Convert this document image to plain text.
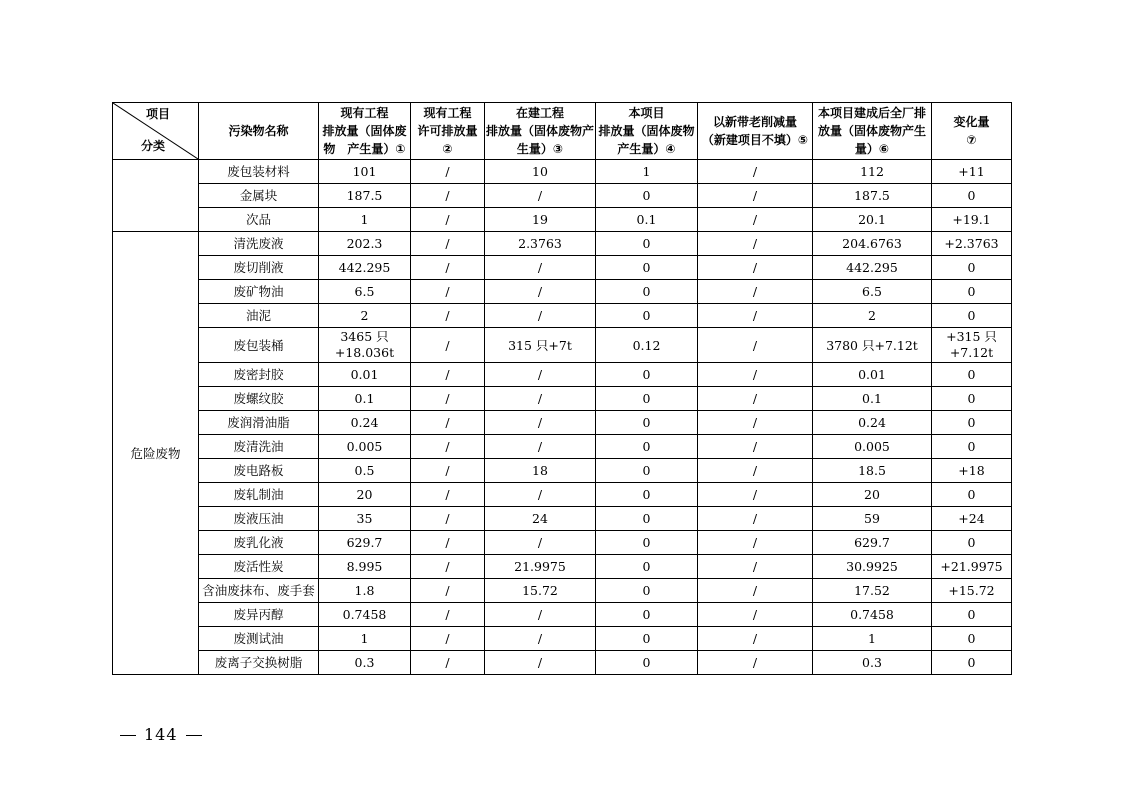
项目
分类	污染物名称	现有工程
排放量（固体废
物　产生量）①	现有工程
许可排放量
②	在建工程
排放量（固体废物产
生量）③	本项目
排放量（固体废物
产生量）④	以新带老削减量
（新建项目不填）⑤	本项目建成后全厂排
放量（固体废物产生
量）⑥	变化量
⑦

	废包装材料	101	/	10	1	/	112	+11
	金属块	187.5	/	/	0	/	187.5	0
	次品	1	/	19	0.1	/	20.1	+19.1
危险废物	清洗废液	202.3	/	2.3763	0	/	204.6763	+2.3763
	废切削液	442.295	/	/	0	/	442.295	0
	废矿物油	6.5	/	/	0	/	6.5	0
	油泥	2	/	/	0	/	2	0
	废包装桶	3465 只
+18.036t	/	315 只+7t	0.12	/	3780 只+7.12t	+315 只
+7.12t

	废密封胶	0.01	/	/	0	/	0.01	0
	废螺纹胶	0.1	/	/	0	/	0.1	0
	废润滑油脂	0.24	/	/	0	/	0.24	0
	废清洗油	0.005	/	/	0	/	0.005	0
	废电路板	0.5	/	18	0	/	18.5	+18
	废轧制油	20	/	/	0	/	20	0
	废液压油	35	/	24	0	/	59	+24
	废乳化液	629.7	/	/	0	/	629.7	0
	废活性炭	8.995	/	21.9975	0	/	30.9925	+21.9975
	含油废抹布、废手套	1.8	/	15.72	0	/	17.52	+15.72
	废异丙醇	0.7458	/	/	0	/	0.7458	0
	废测试油	1	/	/	0	/	1	0
	废离子交换树脂	0.3	/	/	0	/	0.3	0
144
